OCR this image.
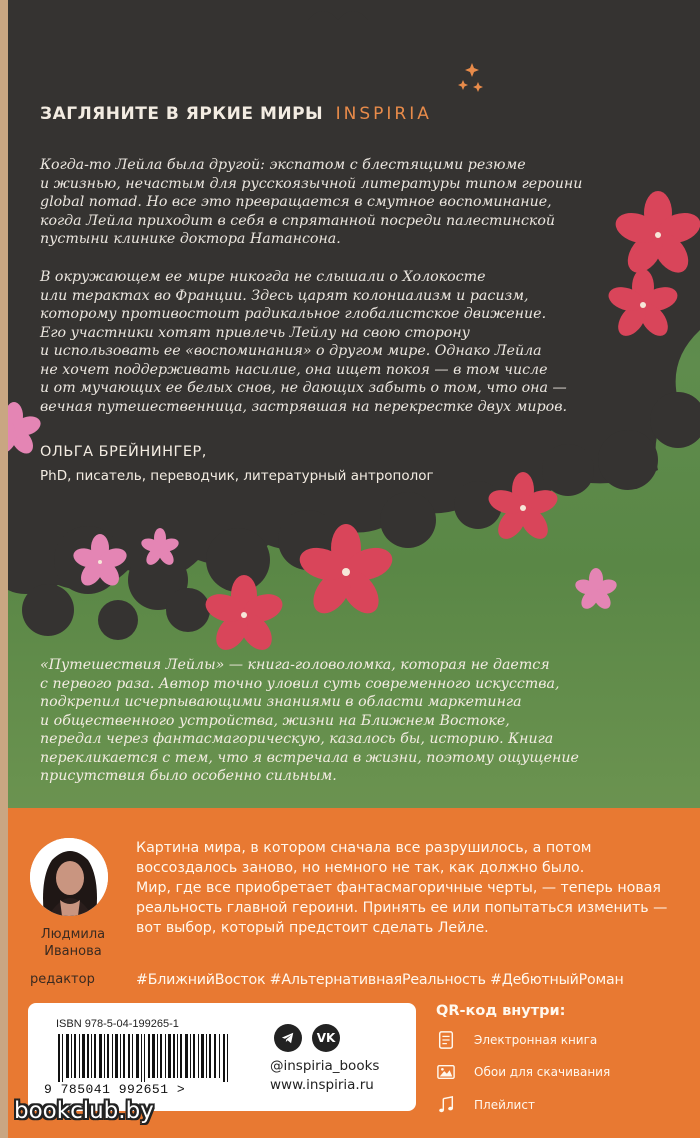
ЗАГЛЯНИТЕ В ЯРКИЕ МИРЫ INSPIRIA
Когда-то Лейла была другой: экспатом с блестящими резюме
и жизнью, нечастым для русскоязычной литературы типом героини
global nomad. Но все это превращается в смутное воспоминание,
когда Лейла приходит в себя в спрятанной посреди палестинской
пустыни клинике доктора Натансона.
В окружающем ее мире никогда не слышали о Холокосте
или терактах во Франции. Здесь царят колониализм и расизм,
которому противостоит радикальное глобалистское движение.
Его участники хотят привлечь Лейлу на свою сторону
и использовать ее «воспоминания» о другом мире. Однако Лейла
не хочет поддерживать насилие, она ищет покоя — в том числе
и от мучающих ее белых снов, не дающих забыть о том, что она —
вечная путешественница, застрявшая на перекрестке двух миров.
ОЛЬГА БРЕЙНИНГЕР,
PhD, писатель, переводчик, литературный антрополог
«Путешествия Лейлы» — книга-головоломка, которая не дается
с первого раза. Автор точно уловил суть современного искусства,
подкрепил исчерпывающими знаниями в области маркетинга
и общественного устройства, жизни на Ближнем Востоке,
передал через фантасмагорическую, казалось бы, историю. Книга
перекликается с тем, что я встречала в жизни, поэтому ощущение
присутствия было особенно сильным.
Людмила
Иванова
редактор
Картина мира, в котором сначала все разрушилось, а потом
воссоздалось заново, но немного не так, как должно было.
Мир, где все приобретает фантасмагоричные черты, — теперь новая
реальность главной героини. Принять ее или попытаться изменить —
вот выбор, который предстоит сделать Лейле.
#БлижнийВосток #АльтернативнаяРеальность #ДебютныйРоман
ISBN 978-5-04-199265-1
9 785041 992651 >
VK
@inspiria_books
www.inspiria.ru
QR-код внутри:
Электронная книга
Обои для скачивания
Плейлист
bookclub.by
